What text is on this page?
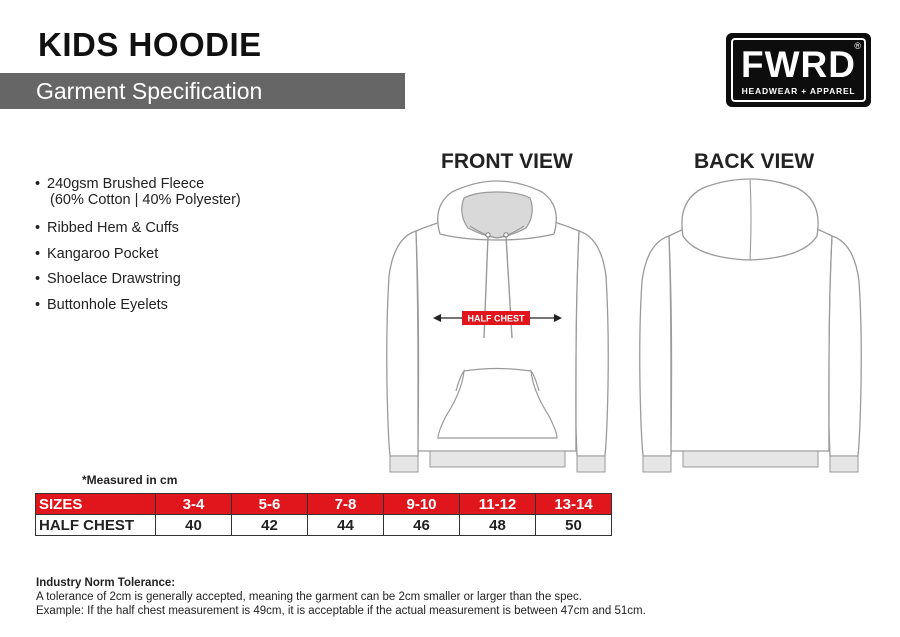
KIDS HOODIE
Garment Specification
FWRD
®
HEADWEAR + APPAREL
FRONT VIEW	BACK VIEW
• 240gsm Brushed Fleece
(60% Cotton | 40% Polyester)
• Ribbed Hem & Cuffs
• Kangaroo Pocket
• Shoelace Drawstring
• Buttonhole Eyelets
HALF CHEST
*Measured in cm
SIZES	3-4	5-6	7-8	9-10	11-12	13-14
HALF CHEST	40	42	44	46	48	50
Industry Norm Tolerance:
A tolerance of 2cm is generally accepted, meaning the garment can be 2cm smaller or larger than the spec.
Example: If the half chest measurement is 49cm, it is acceptable if the actual measurement is between 47cm and 51cm.
